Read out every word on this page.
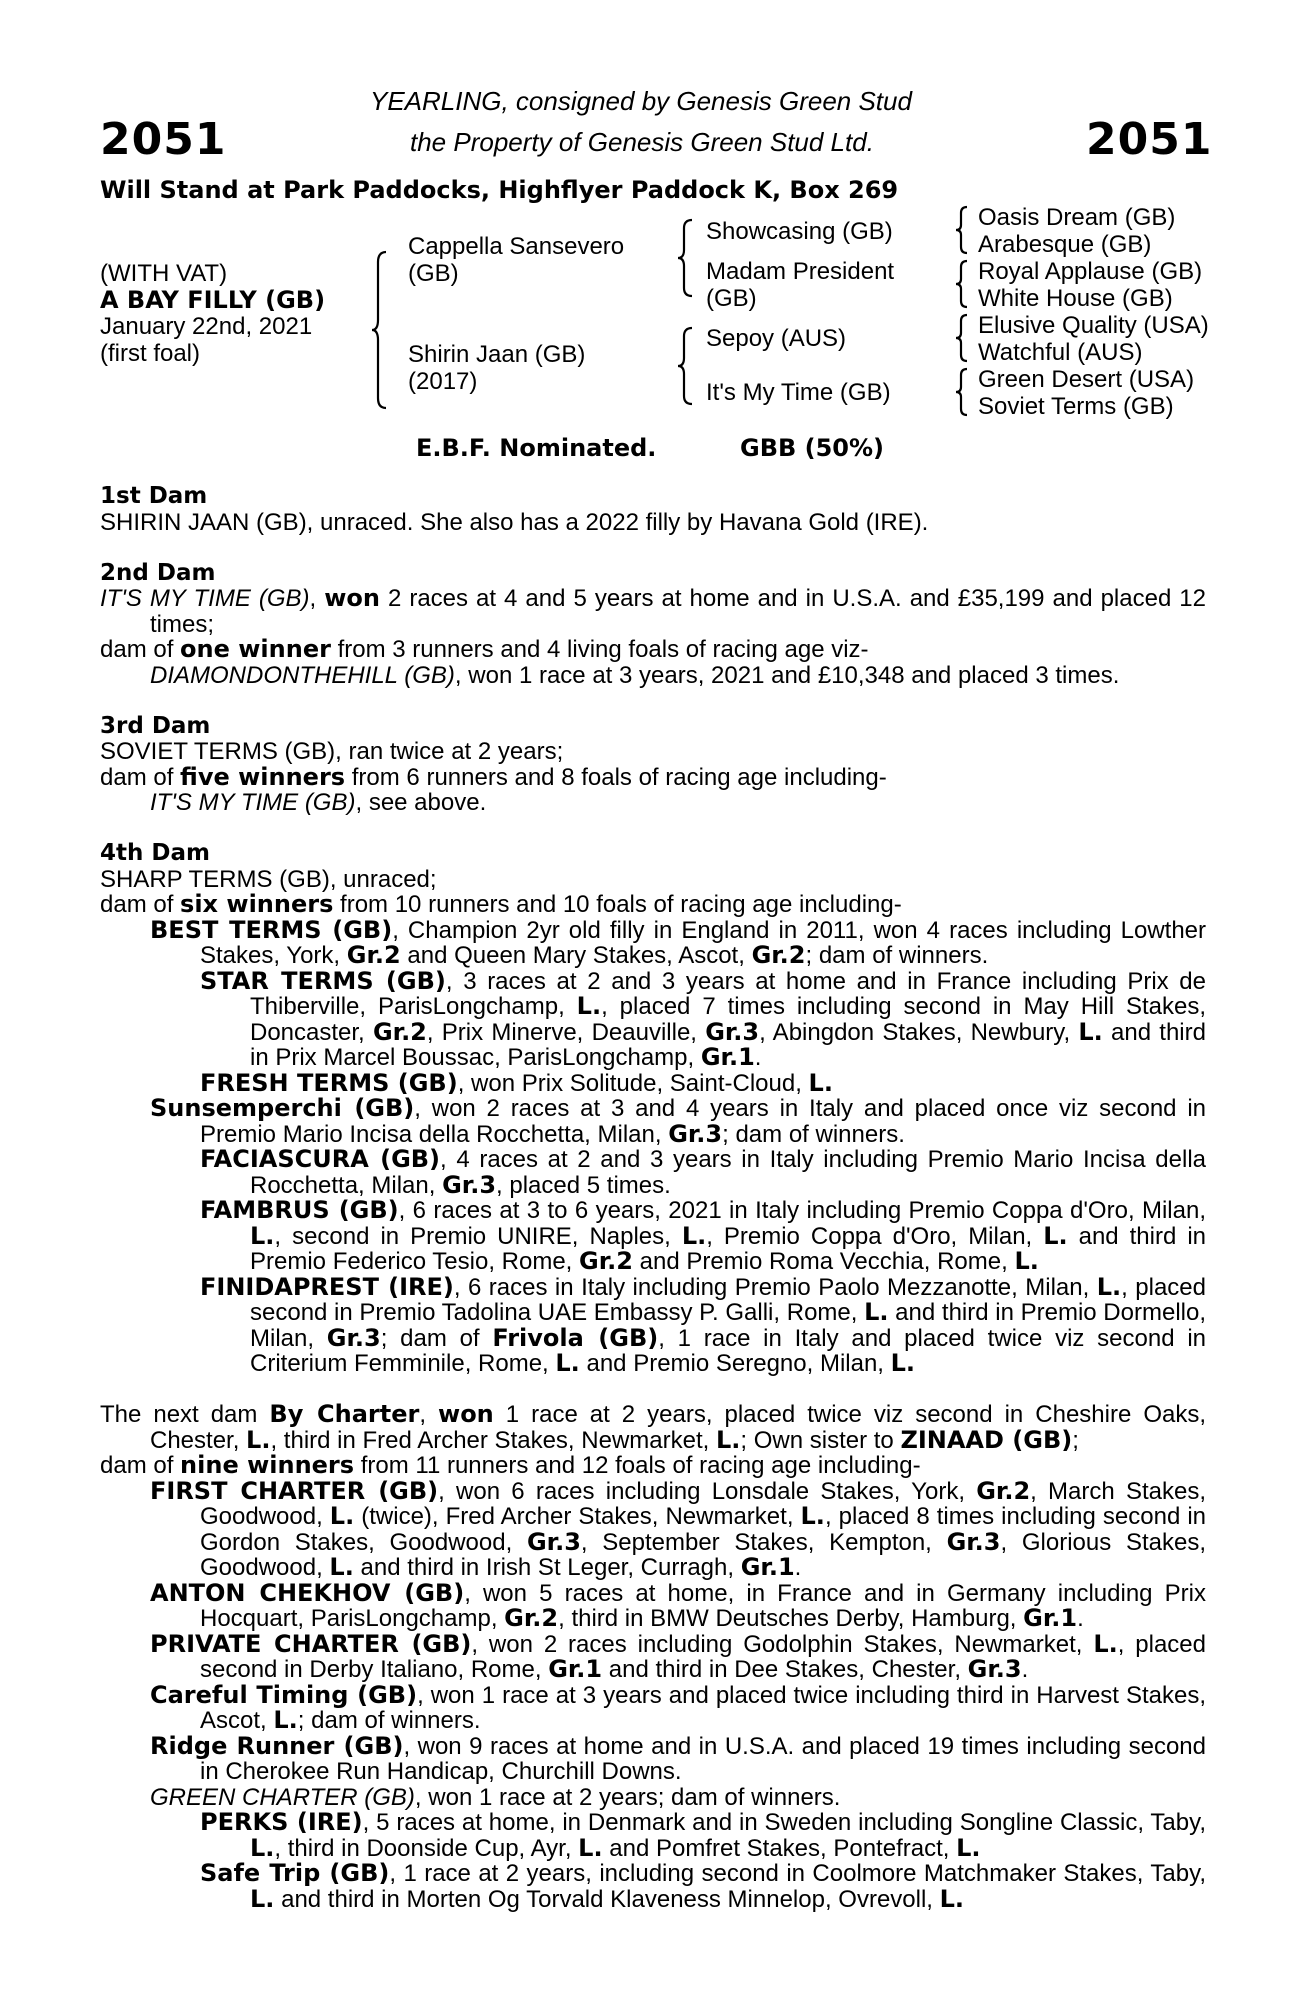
2051	2051
YEARLING, consigned by Genesis Green Stud
the Property of Genesis Green Stud Ltd.
Will Stand at Park Paddocks, Highflyer Paddock K, Box 269
(WITH VAT)
A BAY FILLY (GB)
January 22nd, 2021
(first foal)
Cappella Sansevero
(GB)
Shirin Jaan (GB)
(2017)
Showcasing (GB)
Madam President
(GB)
Sepoy (AUS)
It's My Time (GB)
Oasis Dream (GB)
Arabesque (GB)
Royal Applause (GB)
White House (GB)
Elusive Quality (USA)
Watchful (AUS)
Green Desert (USA)
Soviet Terms (GB)
E.B.F. Nominated.	GBB (50%)
1st Dam
SHIRIN JAAN (GB), unraced. She also has a 2022 filly by Havana Gold (IRE).
2nd Dam
IT'S MY TIME (GB), won 2 races at 4 and 5 years at home and in U.S.A. and £35,199 and placed 12 times;
dam of one winner from 3 runners and 4 living foals of racing age viz-
DIAMONDONTHEHILL (GB), won 1 race at 3 years, 2021 and £10,348 and placed 3 times.
3rd Dam
SOVIET TERMS (GB), ran twice at 2 years;
dam of five winners from 6 runners and 8 foals of racing age including-
IT'S MY TIME (GB), see above.
4th Dam
SHARP TERMS (GB), unraced;
dam of six winners from 10 runners and 10 foals of racing age including-
BEST TERMS (GB), Champion 2yr old filly in England in 2011, won 4 races including Lowther Stakes, York, Gr.2 and Queen Mary Stakes, Ascot, Gr.2; dam of winners.
STAR TERMS (GB), 3 races at 2 and 3 years at home and in France including Prix de Thiberville, ParisLongchamp, L., placed 7 times including second in May Hill Stakes, Doncaster, Gr.2, Prix Minerve, Deauville, Gr.3, Abingdon Stakes, Newbury, L. and third in Prix Marcel Boussac, ParisLongchamp, Gr.1.
FRESH TERMS (GB), won Prix Solitude, Saint-Cloud, L.
Sunsemperchi (GB), won 2 races at 3 and 4 years in Italy and placed once viz second in Premio Mario Incisa della Rocchetta, Milan, Gr.3; dam of winners.
FACIASCURA (GB), 4 races at 2 and 3 years in Italy including Premio Mario Incisa della Rocchetta, Milan, Gr.3, placed 5 times.
FAMBRUS (GB), 6 races at 3 to 6 years, 2021 in Italy including Premio Coppa d'Oro, Milan, L., second in Premio UNIRE, Naples, L., Premio Coppa d'Oro, Milan, L. and third in Premio Federico Tesio, Rome, Gr.2 and Premio Roma Vecchia, Rome, L.
FINIDAPREST (IRE), 6 races in Italy including Premio Paolo Mezzanotte, Milan, L., placed second in Premio Tadolina UAE Embassy P. Galli, Rome, L. and third in Premio Dormello, Milan, Gr.3; dam of Frivola (GB), 1 race in Italy and placed twice viz second in Criterium Femminile, Rome, L. and Premio Seregno, Milan, L.
The next dam By Charter, won 1 race at 2 years, placed twice viz second in Cheshire Oaks, Chester, L., third in Fred Archer Stakes, Newmarket, L.; Own sister to ZINAAD (GB);
dam of nine winners from 11 runners and 12 foals of racing age including-
FIRST CHARTER (GB), won 6 races including Lonsdale Stakes, York, Gr.2, March Stakes, Goodwood, L. (twice), Fred Archer Stakes, Newmarket, L., placed 8 times including second in Gordon Stakes, Goodwood, Gr.3, September Stakes, Kempton, Gr.3, Glorious Stakes, Goodwood, L. and third in Irish St Leger, Curragh, Gr.1.
ANTON CHEKHOV (GB), won 5 races at home, in France and in Germany including Prix Hocquart, ParisLongchamp, Gr.2, third in BMW Deutsches Derby, Hamburg, Gr.1.
PRIVATE CHARTER (GB), won 2 races including Godolphin Stakes, Newmarket, L., placed second in Derby Italiano, Rome, Gr.1 and third in Dee Stakes, Chester, Gr.3.
Careful Timing (GB), won 1 race at 3 years and placed twice including third in Harvest Stakes, Ascot, L.; dam of winners.
Ridge Runner (GB), won 9 races at home and in U.S.A. and placed 19 times including second in Cherokee Run Handicap, Churchill Downs.
GREEN CHARTER (GB), won 1 race at 2 years; dam of winners.
PERKS (IRE), 5 races at home, in Denmark and in Sweden including Songline Classic, Taby, L., third in Doonside Cup, Ayr, L. and Pomfret Stakes, Pontefract, L.
Safe Trip (GB), 1 race at 2 years, including second in Coolmore Matchmaker Stakes, Taby, L. and third in Morten Og Torvald Klaveness Minnelop, Ovrevoll, L.
